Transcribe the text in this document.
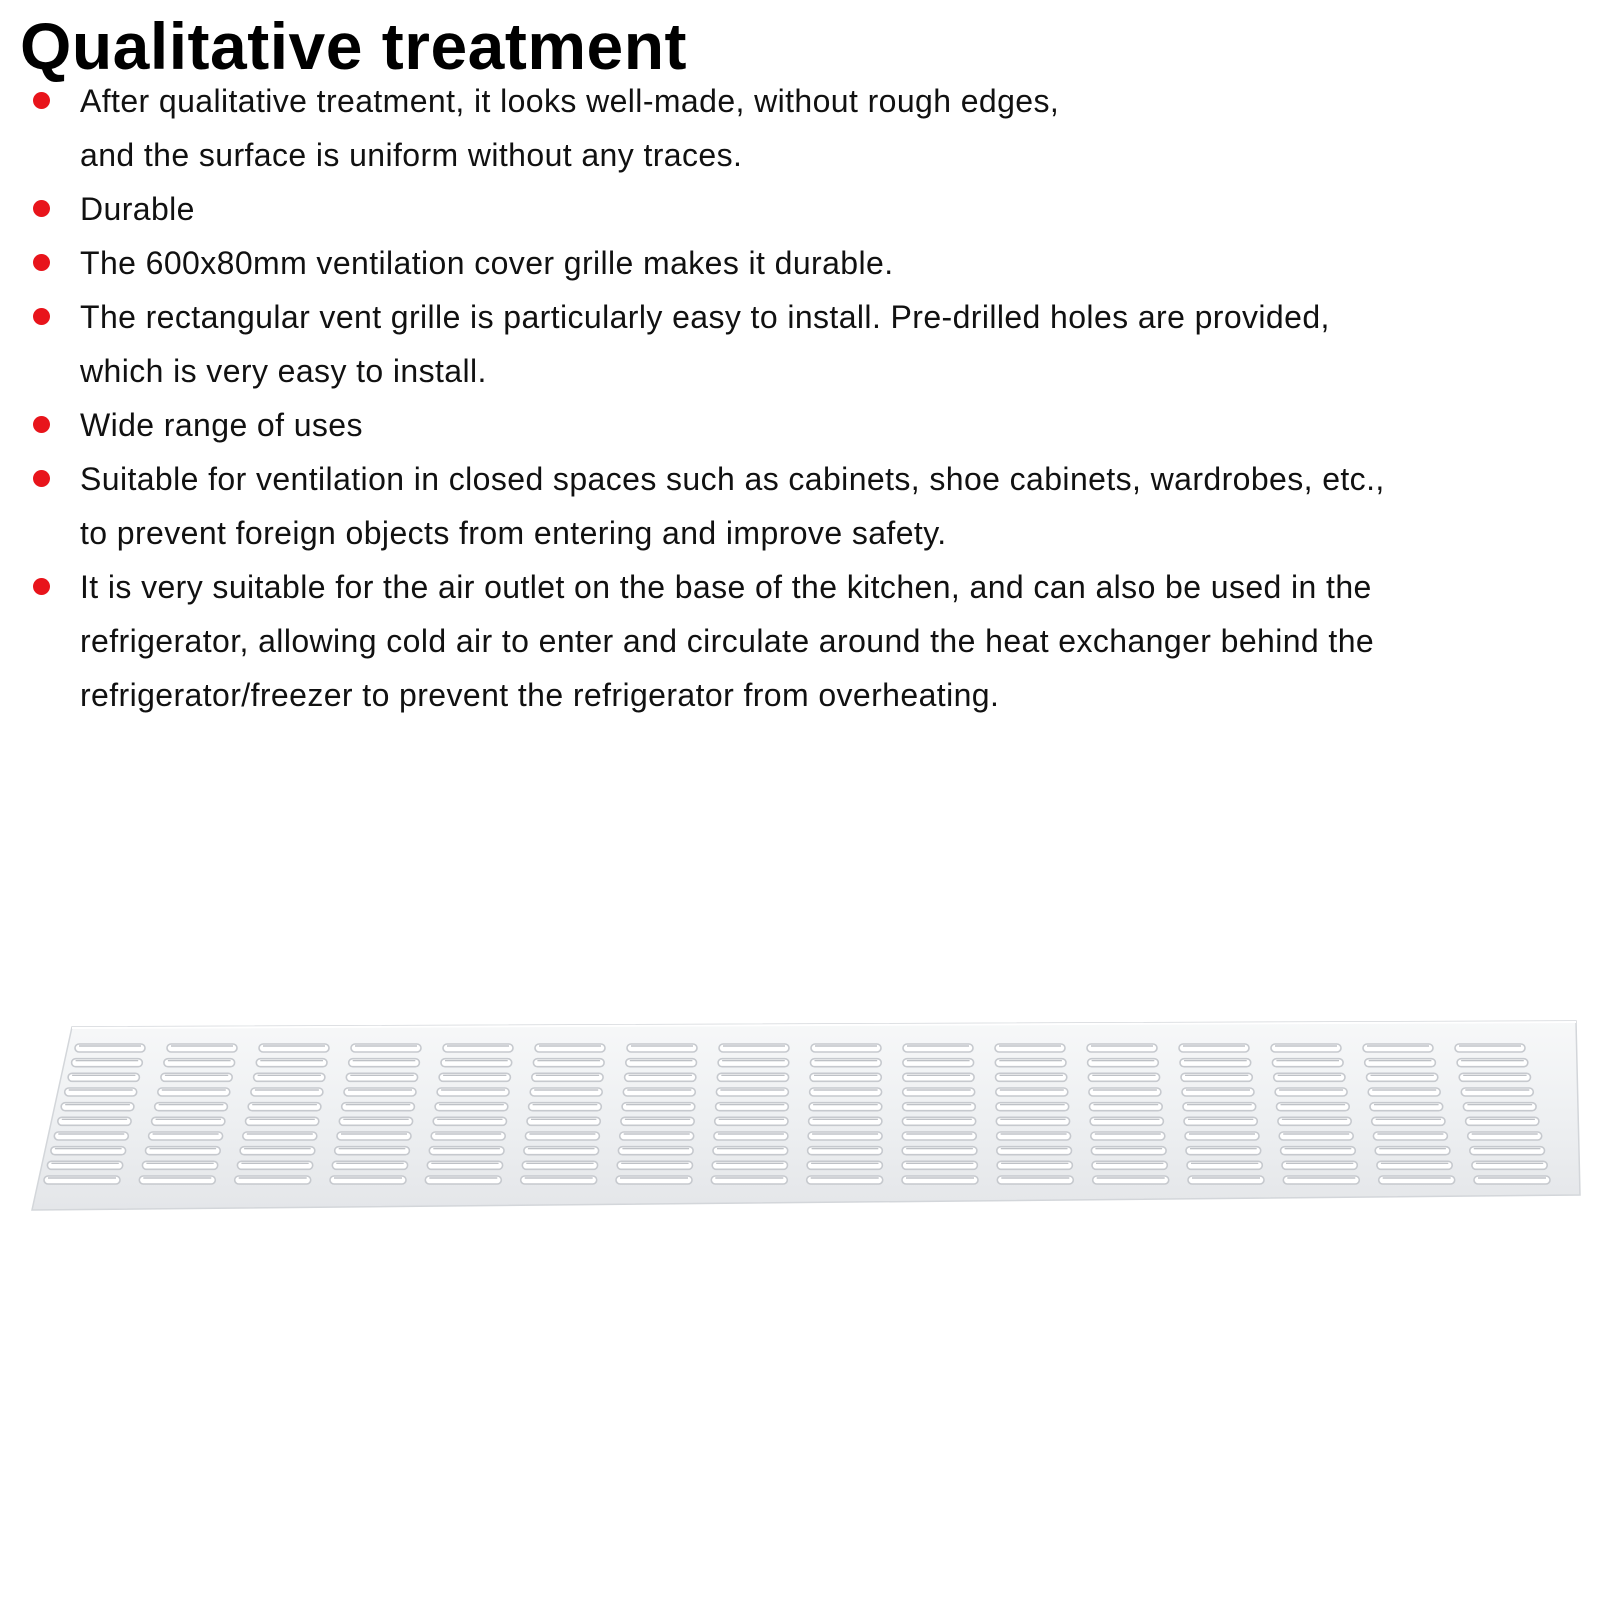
Qualitative treatment
After qualitative treatment, it looks well-made, without rough edges,
and the surface is uniform without any traces.
Durable
The 600x80mm ventilation cover grille makes it durable.
The rectangular vent grille is particularly easy to install. Pre-drilled holes are provided,
which is very easy to install.
Wide range of uses
Suitable for ventilation in closed spaces such as cabinets, shoe cabinets, wardrobes, etc.,
to prevent foreign objects from entering and improve safety.
It is very suitable for the air outlet on the base of the kitchen, and can also be used in the
refrigerator, allowing cold air to enter and circulate around the heat exchanger behind the
refrigerator/freezer to prevent the refrigerator from overheating.
